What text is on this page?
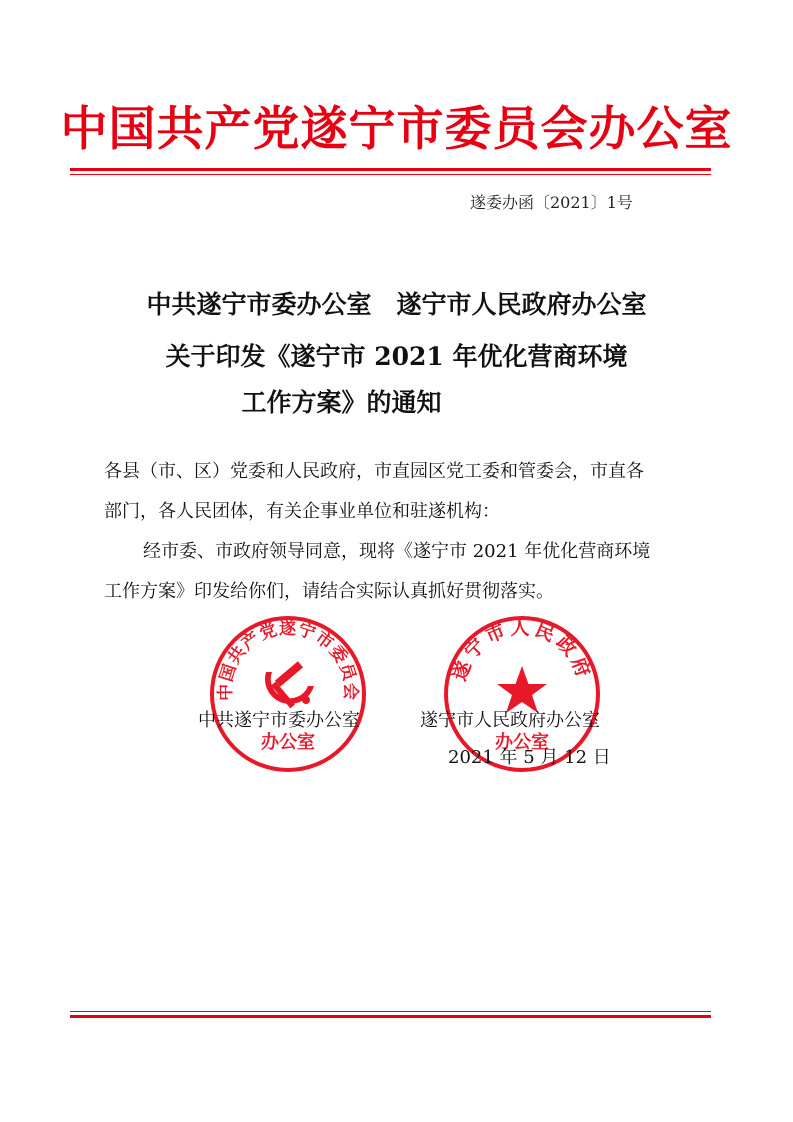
中国共产党遂宁市委员会办公室
遂委办函〔2021〕1号
中共遂宁市委办公室　遂宁市人民政府办公室
关于印发《遂宁市 2021 年优化营商环境
工作方案》的通知
各县（市、区）党委和人民政府，市直园区党工委和管委会，市直各
部门，各人民团体，有关企事业单位和驻遂机构：
经市委、市政府领导同意，现将《遂宁市 2021 年优化营商环境
工作方案》印发给你们，请结合实际认真抓好贯彻落实。
中国共产党遂宁市委员会
办公室
遂宁市人民政府
办公室
中共遂宁市委办公室	遂宁市人民政府办公室
2021 年 5 月 12 日
